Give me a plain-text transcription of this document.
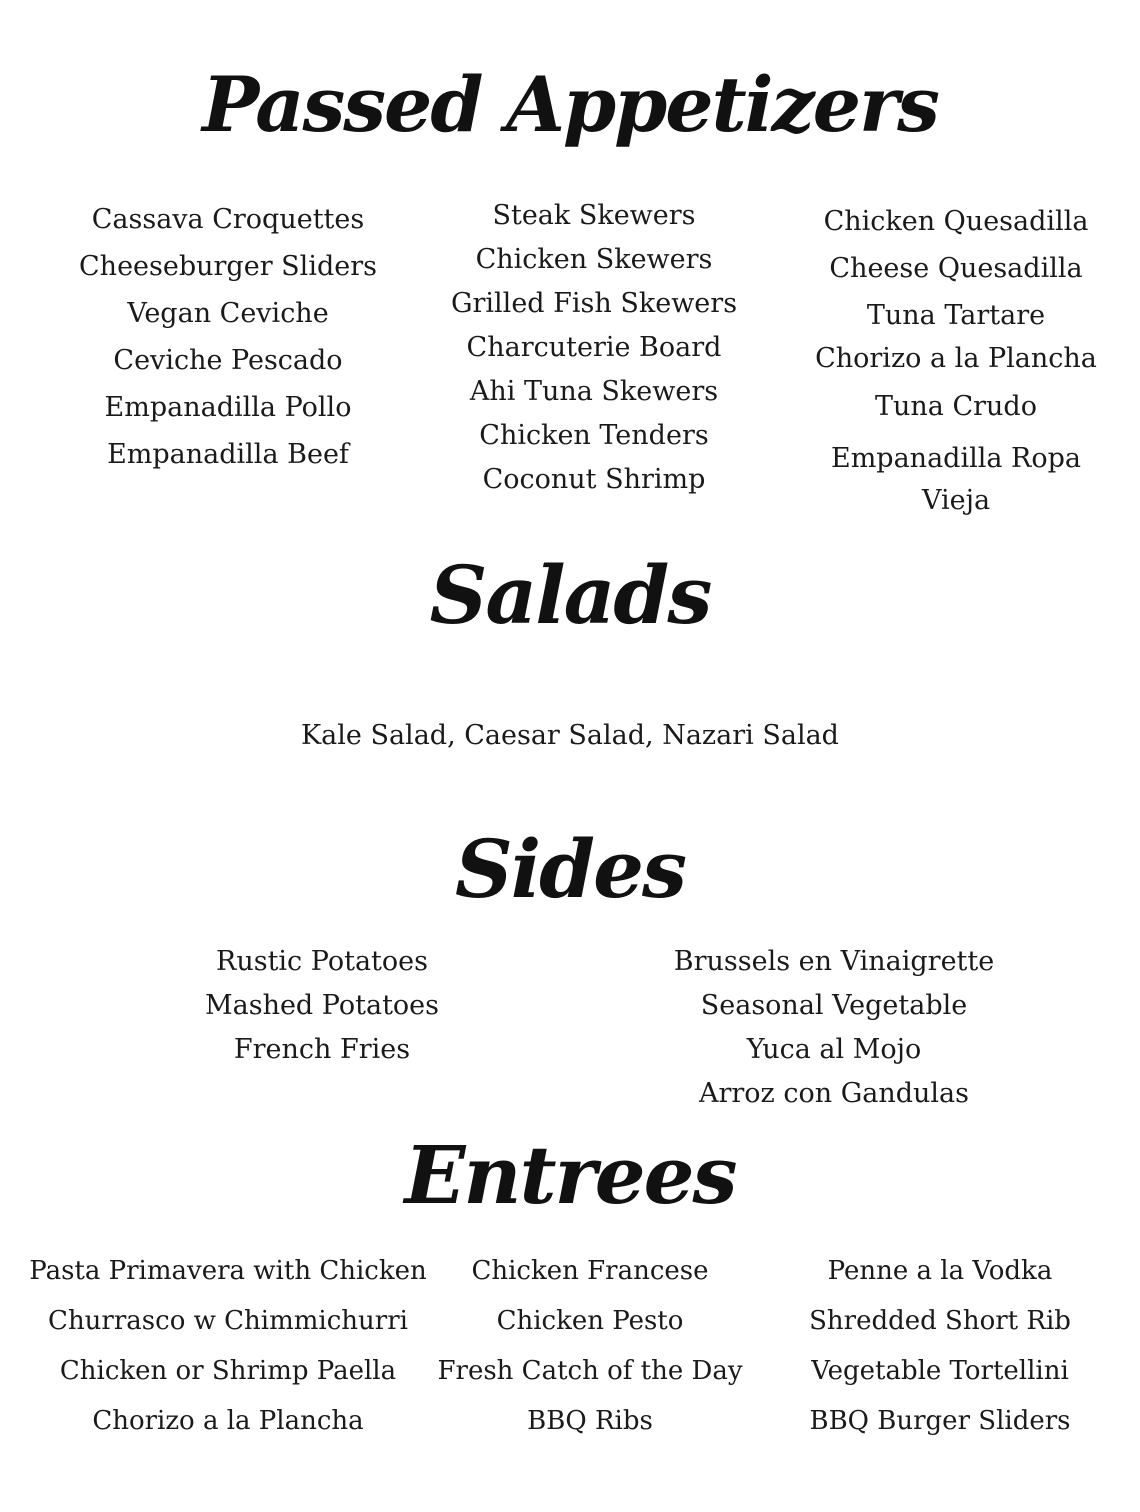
Passed Appetizers
Cassava Croquettes
Cheeseburger Sliders
Vegan Ceviche
Ceviche Pescado
Empanadilla Pollo
Empanadilla Beef
Steak Skewers
Chicken Skewers
Grilled Fish Skewers
Charcuterie Board
Ahi Tuna Skewers
Chicken Tenders
Coconut Shrimp
Chicken Quesadilla
Cheese Quesadilla
Tuna Tartare
Chorizo a la Plancha
Tuna Crudo
Empanadilla Ropa
Vieja
Salads
Kale Salad, Caesar Salad, Nazari Salad
Sides
Rustic Potatoes
Mashed Potatoes
French Fries
Brussels en Vinaigrette
Seasonal Vegetable
Yuca al Mojo
Arroz con Gandulas
Entrees
Pasta Primavera with Chicken
Churrasco w Chimmichurri
Chicken or Shrimp Paella
Chorizo a la Plancha
Chicken Francese
Chicken Pesto
Fresh Catch of the Day
BBQ Ribs
Penne a la Vodka
Shredded Short Rib
Vegetable Tortellini
BBQ Burger Sliders
